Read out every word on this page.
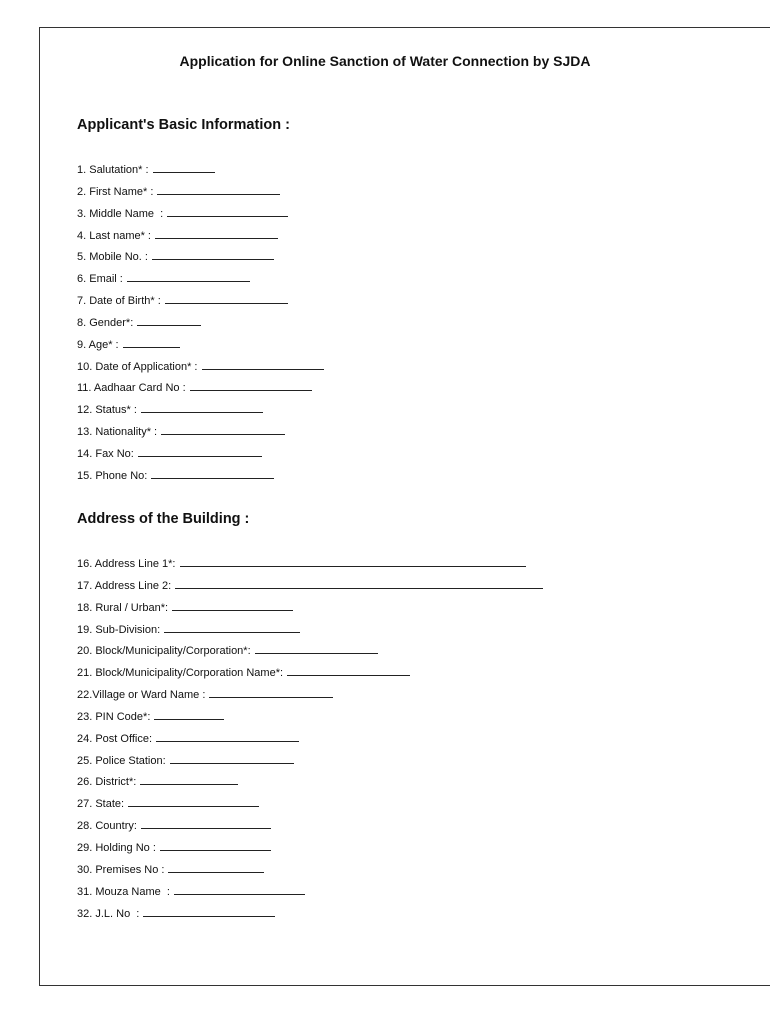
Application for Online Sanction of Water Connection by SJDA
Applicant's Basic Information :
1. Salutation* :
2. First Name* :
3. Middle Name  :
4. Last name* :
5. Mobile No. :
6. Email :
7. Date of Birth* :
8. Gender*:
9. Age* :
10. Date of Application* :
11. Aadhaar Card No :
12. Status* :
13. Nationality* :
14. Fax No:
15. Phone No:
Address of the Building :
16. Address Line 1*:
17. Address Line 2:
18. Rural / Urban*:
19. Sub-Division:
20. Block/Municipality/Corporation*:
21. Block/Municipality/Corporation Name*:
22.Village or Ward Name :
23. PIN Code*:
24. Post Office:
25. Police Station:
26. District*:
27. State:
28. Country:
29. Holding No :
30. Premises No :
31. Mouza Name  :
32. J.L. No  :
